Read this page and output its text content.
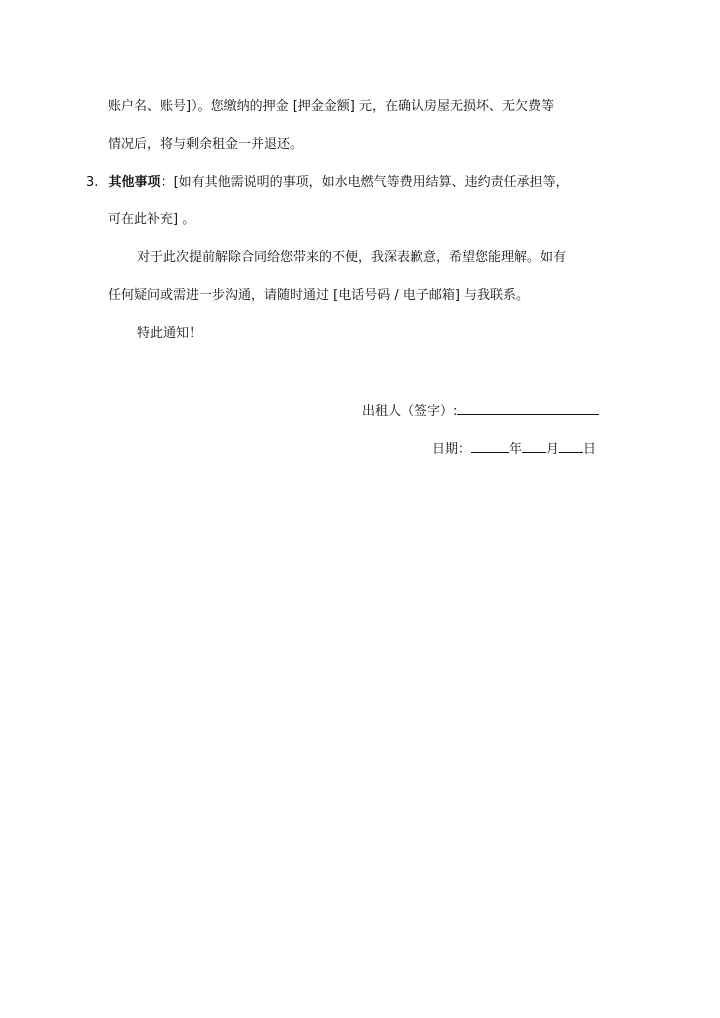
账户名、账号]）。您缴纳的押金 [押金金额] 元，在确认房屋无损坏、无欠费等
情况后，将与剩余租金一并退还。
3. 其他事项：[如有其他需说明的事项，如水电燃气等费用结算、违约责任承担等，
可在此补充] 。
对于此次提前解除合同给您带来的不便，我深表歉意，希望您能理解。如有
任何疑问或需进一步沟通，请随时通过 [电话号码 / 电子邮箱] 与我联系。
特此通知！
出租人（签字）:
日期：	年 月 日
